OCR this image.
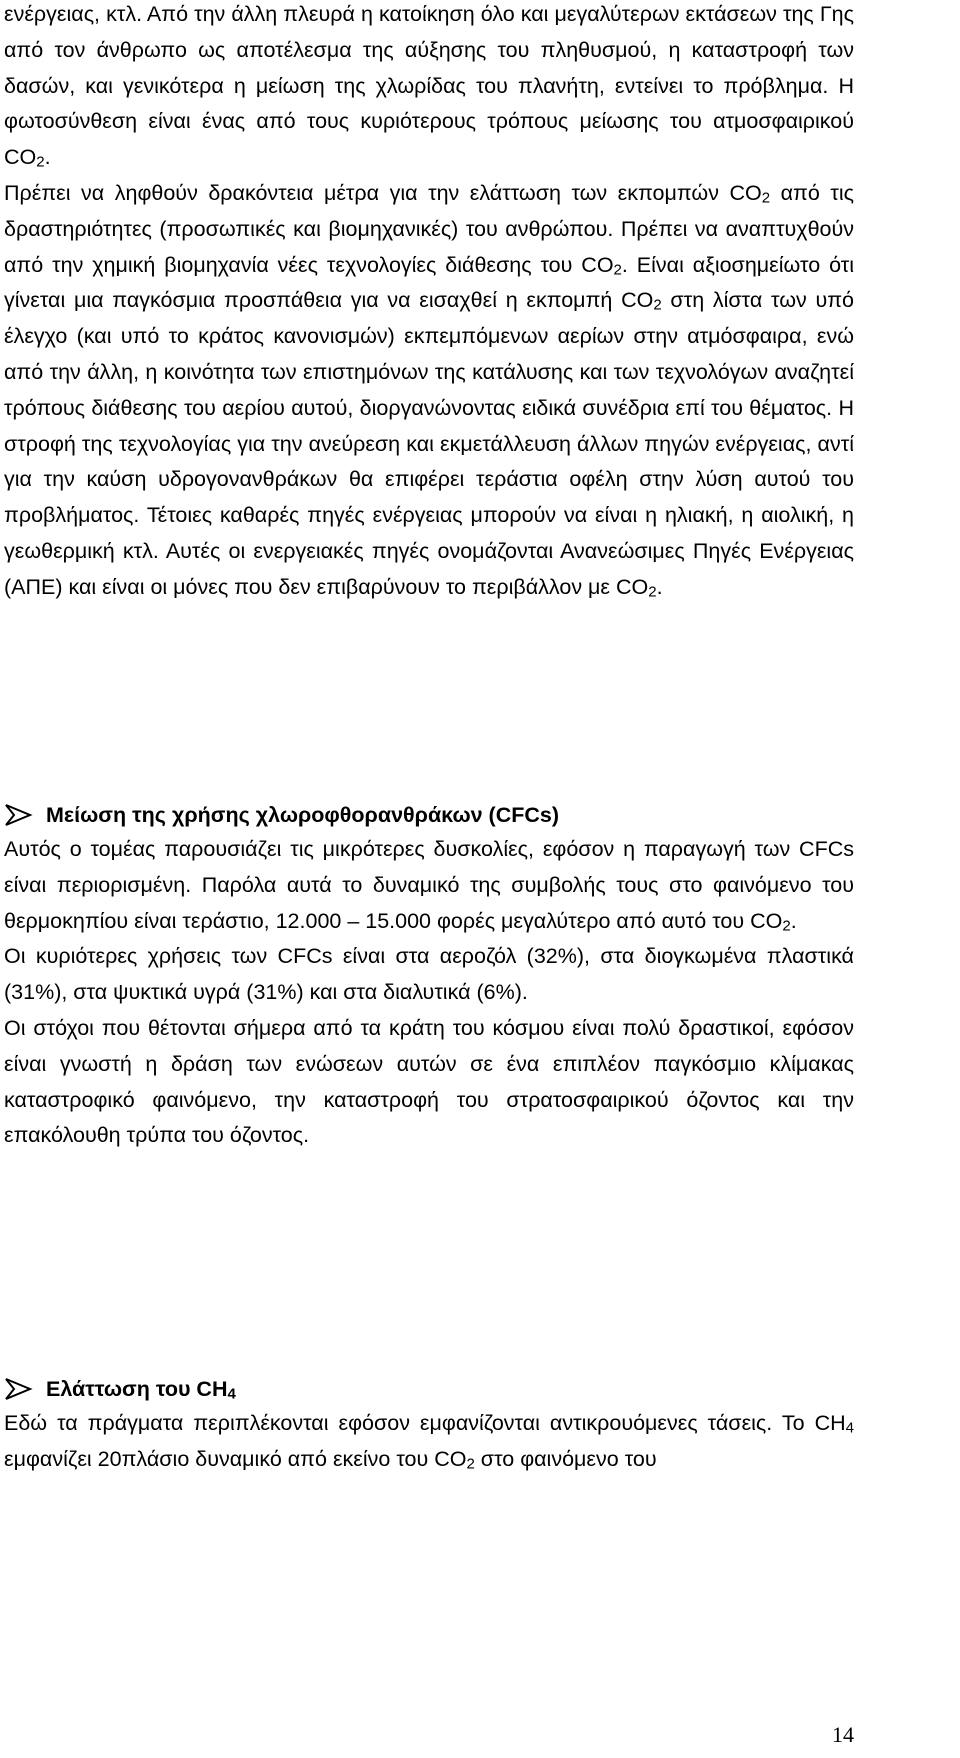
ενέργειας, κτλ. Από την άλλη πλευρά η κατοίκηση όλο και μεγαλύτερων εκτάσεων της Γης από τον άνθρωπο ως αποτέλεσμα της αύξησης του πληθυσμού, η καταστροφή των δασών, και γενικότερα η μείωση της χλωρίδας του πλανήτη, εντείνει το πρόβλημα. Η φωτοσύνθεση είναι ένας από τους κυριότερους τρόπους μείωσης του ατμοσφαιρικού $CO_2$.
Πρέπει να ληφθούν δρακόντεια μέτρα για την ελάττωση των εκπομπών $CO_2$ από τις δραστηριότητες (προσωπικές και βιομηχανικές) του ανθρώπου. Πρέπει να αναπτυχθούν από την χημική βιομηχανία νέες τεχνολογίες διάθεσης του $CO_2$. Είναι αξιοσημείωτο ότι γίνεται μια παγκόσμια προσπάθεια για να εισαχθεί η εκπομπή $CO_2$ στη λίστα των υπό έλεγχο (και υπό το κράτος κανονισμών) εκπεμπόμενων αερίων στην ατμόσφαιρα, ενώ από την άλλη, η κοινότητα των επιστημόνων της κατάλυσης και των τεχνολόγων αναζητεί τρόπους διάθεσης του αερίου αυτού, διοργανώνοντας ειδικά συνέδρια επί του θέματος. Η στροφή της τεχνολογίας για την ανεύρεση και εκμετάλλευση άλλων πηγών ενέργειας, αντί για την καύση υδρογονανθράκων θα επιφέρει τεράστια οφέλη στην λύση αυτού του προβλήματος. Τέτοιες καθαρές πηγές ενέργειας μπορούν να είναι η ηλιακή, η αιολική, η γεωθερμική κτλ. Αυτές οι ενεργειακές πηγές ονομάζονται Ανανεώσιμες Πηγές Ενέργειας (ΑΠΕ) και είναι οι μόνες που δεν επιβαρύνουν το περιβάλλον με $CO_2$.
Μείωση της χρήσης χλωροφθορανθράκων (CFCs)
Αυτός ο τομέας παρουσιάζει τις μικρότερες δυσκολίες, εφόσον η παραγωγή των CFCs είναι περιορισμένη. Παρόλα αυτά το δυναμικό της συμβολής τους στο φαινόμενο του θερμοκηπίου είναι τεράστιο, 12.000 – 15.000 φορές μεγαλύτερο από αυτό του $CO_2$.
Οι κυριότερες χρήσεις των CFCs είναι στα αεροζόλ (32%), στα διογκωμένα πλαστικά (31%), στα ψυκτικά υγρά (31%) και στα διαλυτικά (6%).
Οι στόχοι που θέτονται σήμερα από τα κράτη του κόσμου είναι πολύ δραστικοί, εφόσον είναι γνωστή η δράση των ενώσεων αυτών σε ένα επιπλέον παγκόσμιο κλίμακας καταστροφικό φαινόμενο, την καταστροφή του στρατοσφαιρικού όζοντος και την επακόλουθη τρύπα του όζοντος.
Ελάττωση του $CH_4$
Εδώ τα πράγματα περιπλέκονται εφόσον εμφανίζονται αντικρουόμενες τάσεις. Το $CH_4$ εμφανίζει 20πλάσιο δυναμικό από εκείνο του $CO_2$ στο φαινόμενο του
14
